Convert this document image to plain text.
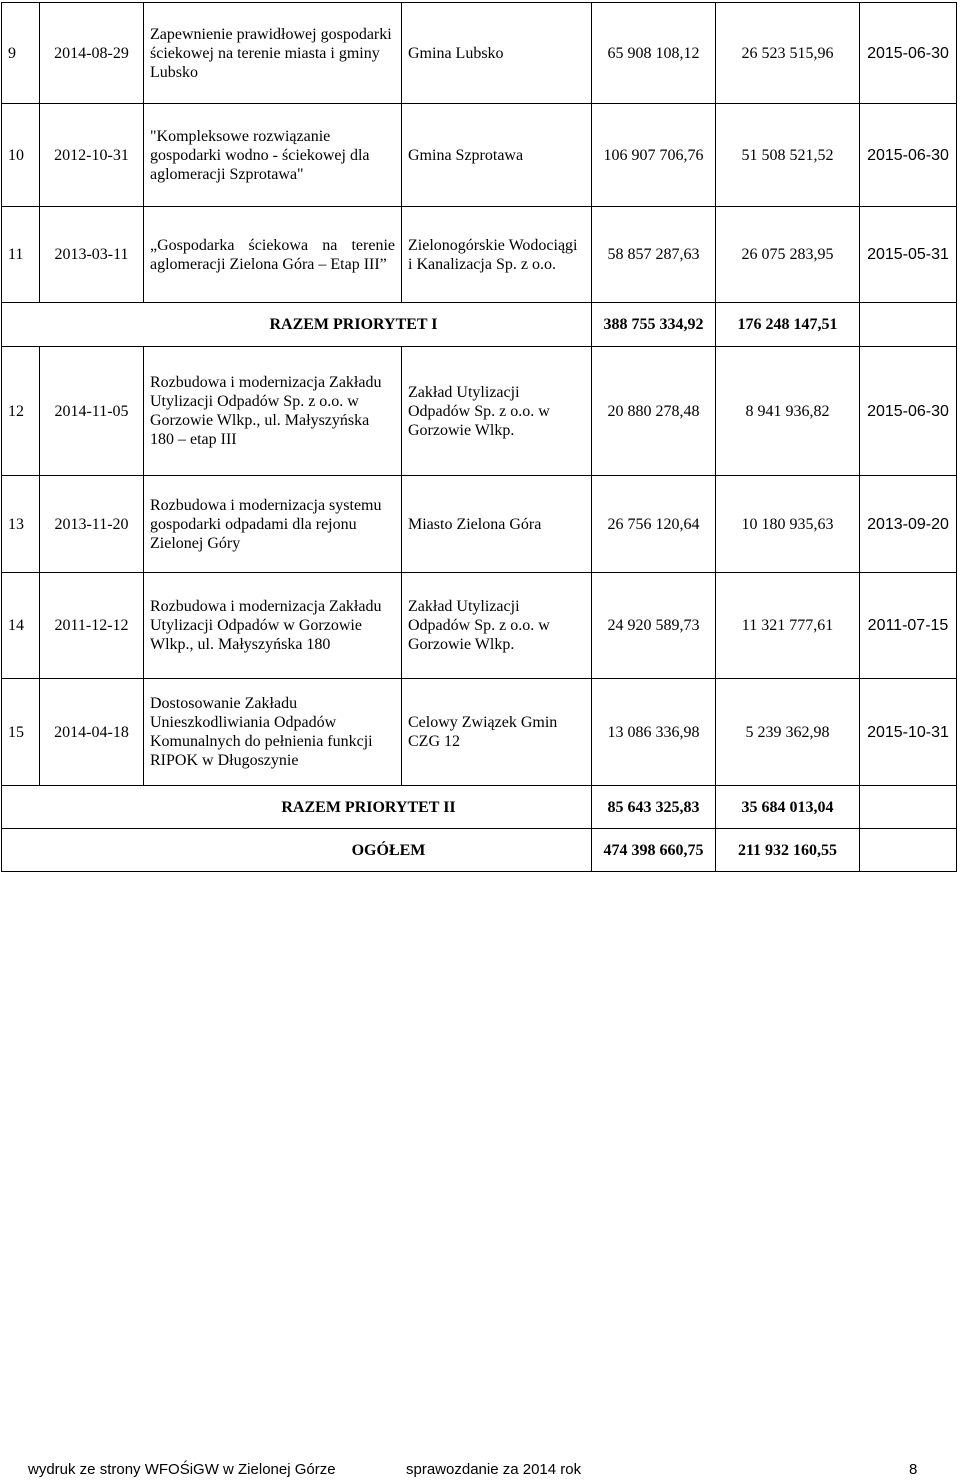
9	2014-08-29	Zapewnienie prawidłowej gospodarki ściekowej na terenie miasta i gminy Lubsko	Gmina Lubsko	65 908 108,12	26 523 515,96	2015-06-30
10	2012-10-31	"Kompleksowe rozwiązanie gospodarki wodno - ściekowej dla aglomeracji Szprotawa"	Gmina Szprotawa	106 907 706,76	51 508 521,52	2015-06-30
11	2013-03-11	„Gospodarka ściekowa na terenie aglomeracji Zielona Góra – Etap III”	Zielonogórskie Wodociągi i Kanalizacja Sp. z o.o.	58 857 287,63	26 075 283,95	2015-05-31
RAZEM PRIORYTET I				388 755 334,92	176 248 147,51	
12	2014-11-05	Rozbudowa i modernizacja Zakładu Utylizacji Odpadów Sp. z o.o. w Gorzowie Wlkp., ul. Małyszyńska 180 – etap III	Zakład Utylizacji Odpadów Sp. z o.o. w Gorzowie Wlkp.	20 880 278,48	8 941 936,82	2015-06-30
13	2013-11-20	Rozbudowa i modernizacja systemu gospodarki odpadami dla rejonu Zielonej Góry	Miasto Zielona Góra	26 756 120,64	10 180 935,63	2013-09-20
14	2011-12-12	Rozbudowa i modernizacja Zakładu Utylizacji Odpadów w Gorzowie Wlkp., ul. Małyszyńska 180	Zakład Utylizacji Odpadów Sp. z o.o. w Gorzowie Wlkp.	24 920 589,73	11 321 777,61	2011-07-15
15	2014-04-18	Dostosowanie Zakładu Unieszkodliwiania Odpadów Komunalnych do pełnienia funkcji RIPOK w Długoszynie	Celowy Związek Gmin CZG 12	13 086 336,98	5 239 362,98	2015-10-31
RAZEM PRIORYTET II				85 643 325,83	35 684 013,04	
OGÓŁEM				474 398 660,75	211 932 160,55	
wydruk ze strony WFOŚiGW w Zielonej Górze	sprawozdanie za 2014 rok	8
